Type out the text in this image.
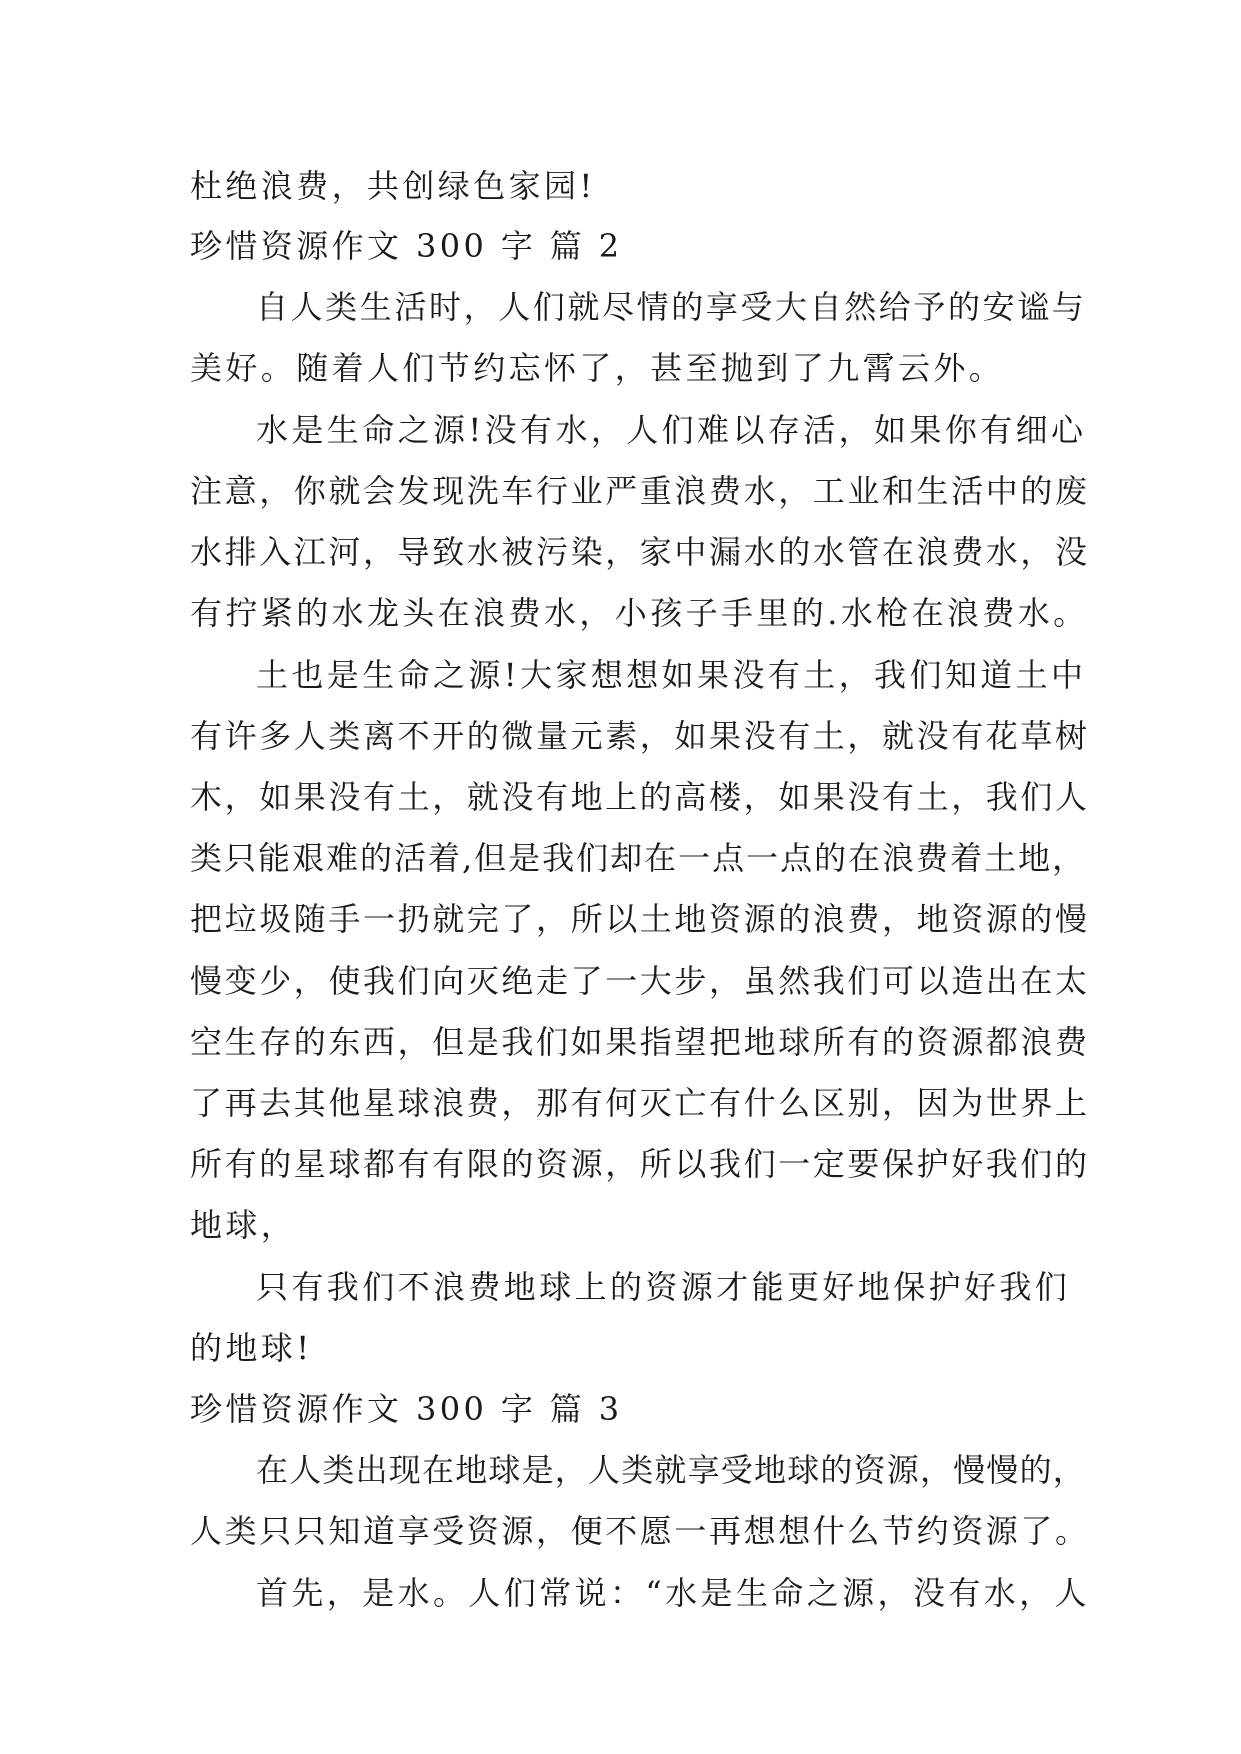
杜绝浪费，共创绿色家园!
珍惜资源作文 300 字 篇 2
自人类生活时，人们就尽情的享受大自然给予的安谧与
美好。随着人们节约忘怀了，甚至抛到了九霄云外。
水是生命之源!没有水，人们难以存活，如果你有细心
注意，你就会发现洗车行业严重浪费水，工业和生活中的废
水排入江河，导致水被污染，家中漏水的水管在浪费水，没
有拧紧的水龙头在浪费水，小孩子手里的.水枪在浪费水。
土也是生命之源!大家想想如果没有土，我们知道土中
有许多人类离不开的微量元素，如果没有土，就没有花草树
木，如果没有土，就没有地上的高楼，如果没有土，我们人
类只能艰难的活着,但是我们却在一点一点的在浪费着土地，
把垃圾随手一扔就完了，所以土地资源的浪费，地资源的慢
慢变少，使我们向灭绝走了一大步，虽然我们可以造出在太
空生存的东西，但是我们如果指望把地球所有的资源都浪费
了再去其他星球浪费，那有何灭亡有什么区别，因为世界上
所有的星球都有有限的资源，所以我们一定要保护好我们的
地球，
只有我们不浪费地球上的资源才能更好地保护好我们
的地球!
珍惜资源作文 300 字 篇 3
在人类出现在地球是，人类就享受地球的资源，慢慢的，
人类只只知道享受资源，便不愿一再想想什么节约资源了。
首先，是水。人们常说：“水是生命之源，没有水，人
